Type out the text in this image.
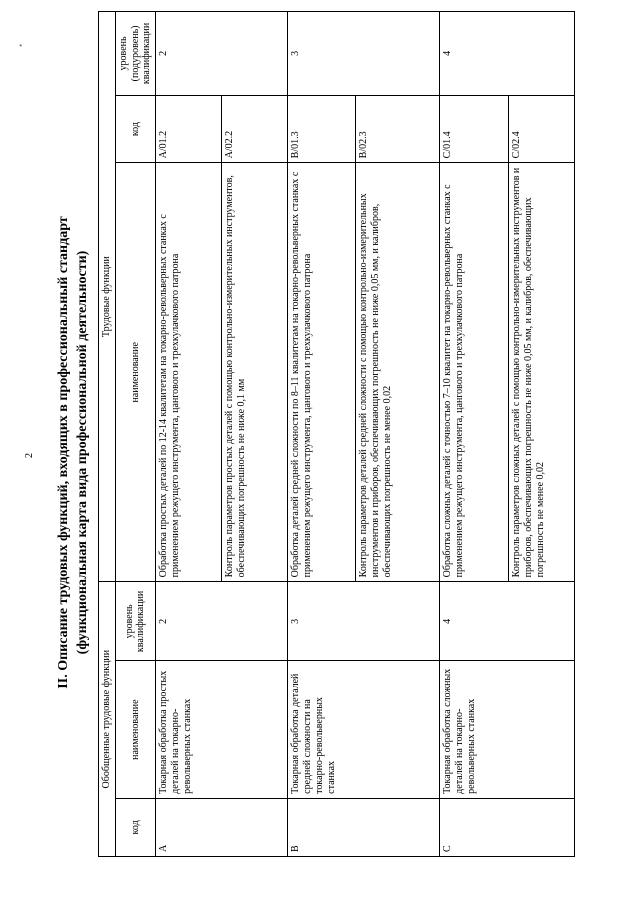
•
2 II. Описание трудовых функций, входящих в профессиональный стандарт (функциональная карта вида профессиональной деятельности)
Обобщенные трудовые функции			Трудовые функции		
код	наименование	уровень квалификации	наименование	код	уровень (подуровень) квалификации
A	Токарная обработка простых деталей на токарно-револьверных станках	2	Обработка простых деталей по 12-14 квалитетам на токарно-револьверных станках с применением режущего инструмента, цангового и трехкулачкового патрона	A/01.2	2
			Контроль параметров простых деталей с помощью контрольно-измерительных инструментов, обеспечивающих погрешность не ниже 0,1 мм	A/02.2	
B	Токарная обработка деталей средней сложности на токарно-револьверных станках	3	Обработка деталей средней сложности по 8–11 квалитетам на токарно-револьверных станках с применением режущего инструмента, цангового и трехкулачкового патрона	B/01.3	3
			Контроль параметров деталей средней сложности с помощью контрольно-измерительных инструментов и приборов, обеспечивающих погрешность не ниже 0,05 мм, и калибров, обеспечивающих погрешность не менее 0,02	B/02.3	
C	Токарная обработка сложных деталей на токарно-револьверных станках	4	Обработка сложных деталей с точностью 7–10 квалитет на токарно-револьверных станках с применением режущего инструмента, цангового и трехкулачкового патрона	C/01.4	4
			Контроль параметров сложных деталей с помощью контрольно-измерительных инструментов и приборов, обеспечивающих погрешность не ниже 0,05 мм, и калибров, обеспечивающих погрешность не менее 0,02	C/02.4	
